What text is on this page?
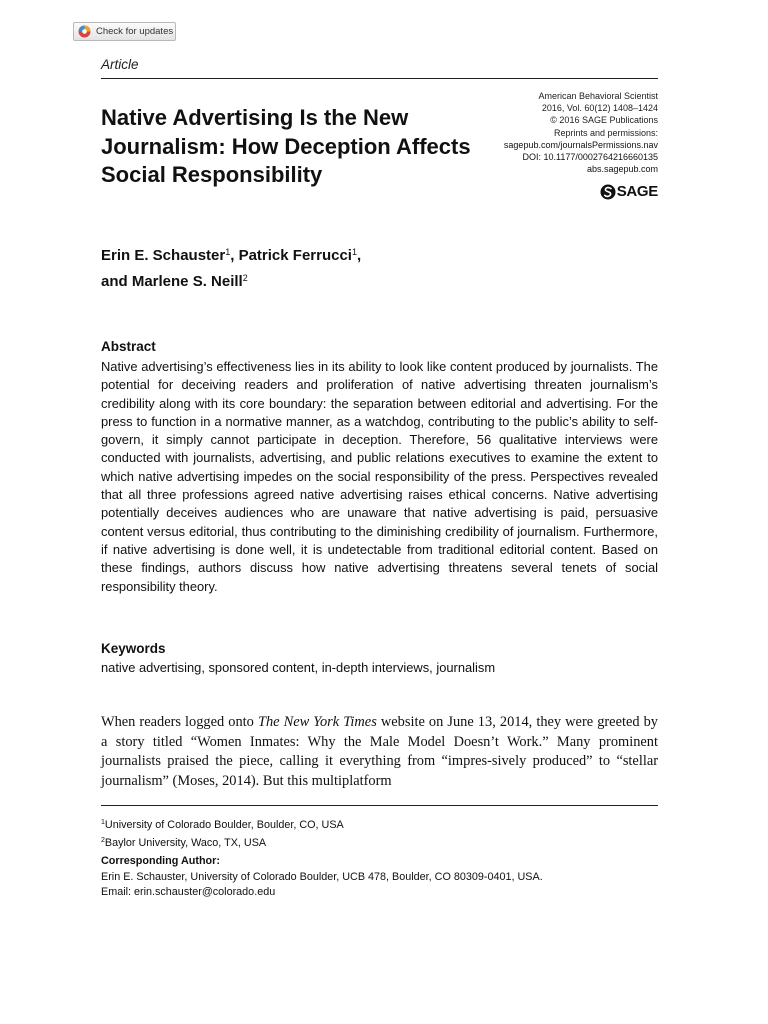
Check for updates
Article
Native Advertising Is the New Journalism: How Deception Affects Social Responsibility
American Behavioral Scientist
2016, Vol. 60(12) 1408–1424
© 2016 SAGE Publications
Reprints and permissions:
sagepub.com/journalsPermissions.nav
DOI: 10.1177/0002764216660135
abs.sagepub.com
SAGE
Erin E. Schauster$^1$, Patrick Ferrucci$^1$,
and Marlene S. Neill$^2$
Abstract
Native advertising’s effectiveness lies in its ability to look like content produced by journalists. The potential for deceiving readers and proliferation of native advertising threaten journalism’s credibility along with its core boundary: the separation between editorial and advertising. For the press to function in a normative manner, as a watchdog, contributing to the public’s ability to self-govern, it simply cannot participate in deception. Therefore, 56 qualitative interviews were conducted with journalists, advertising, and public relations executives to examine the extent to which native advertising impedes on the social responsibility of the press. Perspectives revealed that all three professions agreed native advertising raises ethical concerns. Native advertising potentially deceives audiences who are unaware that native advertising is paid, persuasive content versus editorial, thus contributing to the diminishing credibility of journalism. Furthermore, if native advertising is done well, it is undetectable from traditional editorial content. Based on these findings, authors discuss how native advertising threatens several tenets of social responsibility theory.
Keywords
native advertising, sponsored content, in-depth interviews, journalism
When readers logged onto The New York Times website on June 13, 2014, they were greeted by a story titled “Women Inmates: Why the Male Model Doesn’t Work.” Many prominent journalists praised the piece, calling it everything from “impres-sively produced” to “stellar journalism” (Moses, 2014). But this multiplatform
$^1$University of Colorado Boulder, Boulder, CO, USA
$^2$Baylor University, Waco, TX, USA
Corresponding Author:
Erin E. Schauster, University of Colorado Boulder, UCB 478, Boulder, CO 80309-0401, USA.
Email: erin.schauster@colorado.edu
